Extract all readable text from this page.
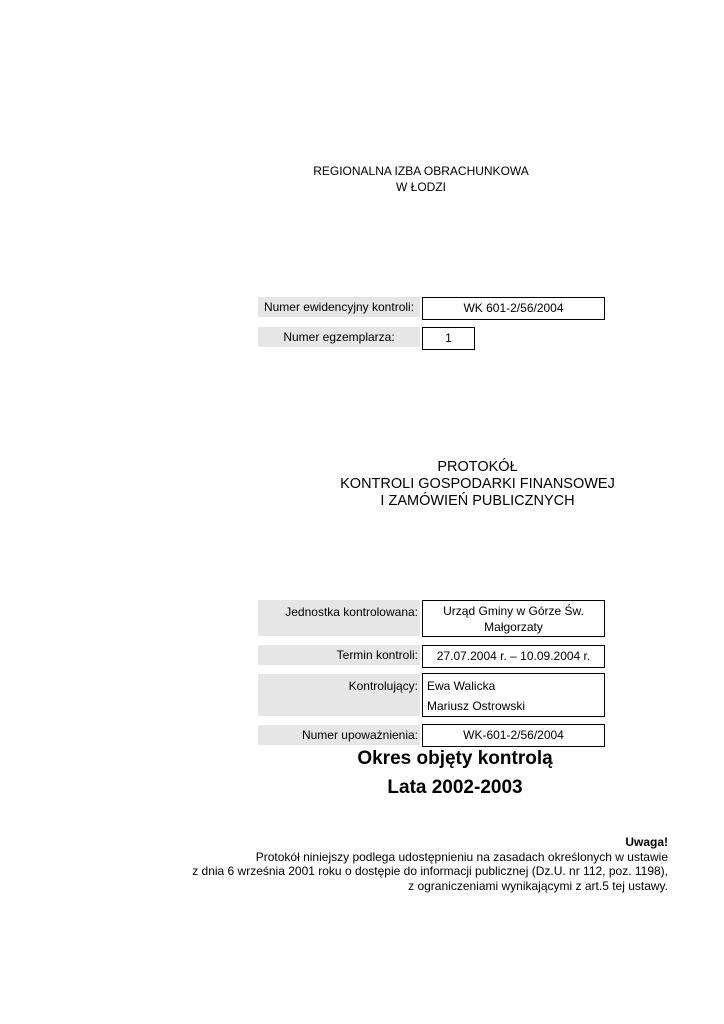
REGIONALNA IZBA OBRACHUNKOWA
W ŁODZI
Numer ewidencyjny kontroli:	WK 601-2/56/2004
Numer egzemplarza:	1
PROTOKÓŁ
KONTROLI GOSPODARKI FINANSOWEJ
I ZAMÓWIEŃ PUBLICZNYCH
Jednostka kontrolowana:	Urząd Gminy w Górze Św.
Małgorzaty
Termin kontroli:	27.07.2004 r. – 10.09.2004 r.
Kontrolujący: Ewa Walicka
Mariusz Ostrowski
Numer upoważnienia:	WK-601-2/56/2004
Okres objęty kontrolą
Lata 2002-2003
Uwaga!
Protokół niniejszy podlega udostępnieniu na zasadach określonych w ustawie
z dnia 6 września 2001 roku o dostępie do informacji publicznej (Dz.U. nr 112, poz. 1198),
z ograniczeniami wynikającymi z art.5 tej ustawy.
